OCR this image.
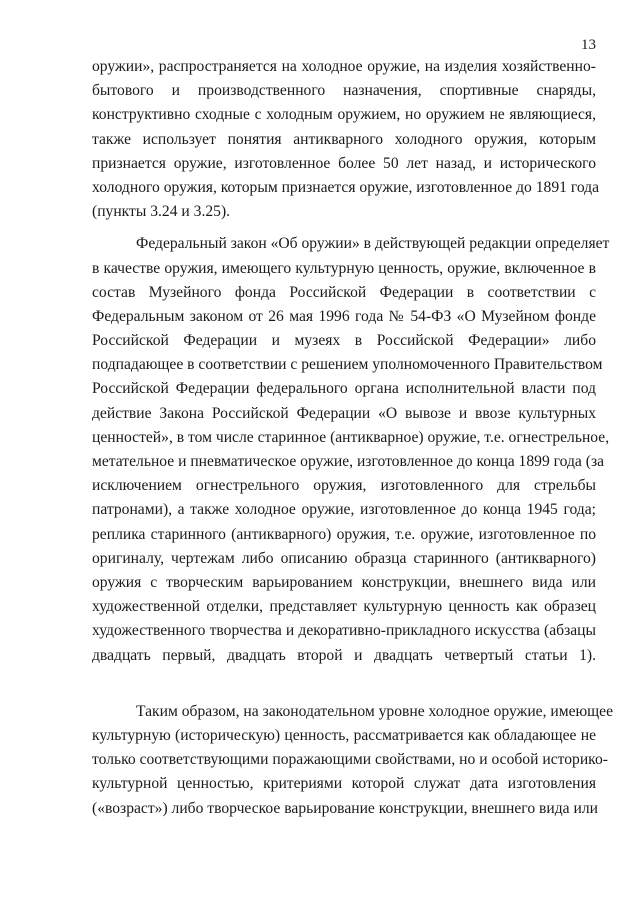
13
оружии», распространяется на холодное оружие, на изделия хозяйственно-
бытового и производственного назначения, спортивные снаряды,
конструктивно сходные с холодным оружием, но оружием не являющиеся,
также использует понятия антикварного холодного оружия, которым
признается оружие, изготовленное более 50 лет назад, и исторического
холодного оружия, которым признается оружие, изготовленное до 1891 года
(пункты 3.24 и 3.25).
Федеральный закон «Об оружии» в действующей редакции определяет
в качестве оружия, имеющего культурную ценность, оружие, включенное в
состав Музейного фонда Российской Федерации в соответствии с
Федеральным законом от 26 мая 1996 года № 54-ФЗ «О Музейном фонде
Российской Федерации и музеях в Российской Федерации» либо
подпадающее в соответствии с решением уполномоченного Правительством
Российской Федерации федерального органа исполнительной власти под
действие Закона Российской Федерации «О вывозе и ввозе культурных
ценностей», в том числе старинное (антикварное) оружие, т.е. огнестрельное,
метательное и пневматическое оружие, изготовленное до конца 1899 года (за
исключением огнестрельного оружия, изготовленного для стрельбы
патронами), а также холодное оружие, изготовленное до конца 1945 года;
реплика старинного (антикварного) оружия, т.е. оружие, изготовленное по
оригиналу, чертежам либо описанию образца старинного (антикварного)
оружия с творческим варьированием конструкции, внешнего вида или
художественной отделки, представляет культурную ценность как образец
художественного творчества и декоративно-прикладного искусства (абзацы
двадцать первый, двадцать второй и двадцать четвертый статьи 1).
Таким образом, на законодательном уровне холодное оружие, имеющее
культурную (историческую) ценность, рассматривается как обладающее не
только соответствующими поражающими свойствами, но и особой историко-
культурной ценностью, критериями которой служат дата изготовления
(«возраст») либо творческое варьирование конструкции, внешнего вида или
